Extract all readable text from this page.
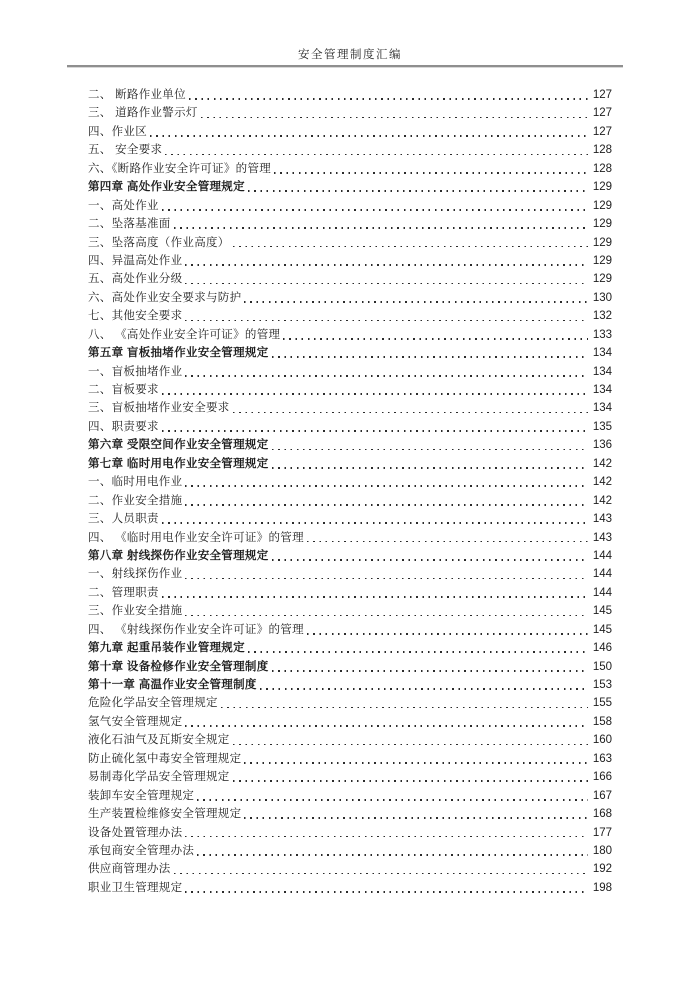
安全管理制度汇编
二、 断路作业单位	127
三、 道路作业警示灯	127
四、作业区	127
五、 安全要求	128
六、《断路作业安全许可证》的管理	128
第四章 高处作业安全管理规定	129
一、高处作业	129
二、坠落基准面	129
三、坠落高度（作业高度）	129
四、异温高处作业	129
五、高处作业分级	129
六、高处作业安全要求与防护	130
七、其他安全要求	132
八、 《高处作业安全许可证》的管理	133
第五章 盲板抽堵作业安全管理规定	134
一、盲板抽堵作业	134
二、盲板要求	134
三、盲板抽堵作业安全要求	134
四、职责要求	135
第六章 受限空间作业安全管理规定	136
第七章 临时用电作业安全管理规定	142
一、临时用电作业	142
二、作业安全措施	142
三、人员职责	143
四、 《临时用电作业安全许可证》的管理	143
第八章 射线探伤作业安全管理规定	144
一、射线探伤作业	144
二、管理职责	144
三、作业安全措施	145
四、 《射线探伤作业安全许可证》的管理	145
第九章 起重吊装作业管理规定	146
第十章 设备检修作业安全管理制度	150
第十一章 高温作业安全管理制度	153
危险化学品安全管理规定	155
氢气安全管理规定	158
液化石油气及瓦斯安全规定	160
防止硫化氢中毒安全管理规定	163
易制毒化学品安全管理规定	166
装卸车安全管理规定	167
生产装置检维修安全管理规定	168
设备处置管理办法	177
承包商安全管理办法	180
供应商管理办法	192
职业卫生管理规定	198
